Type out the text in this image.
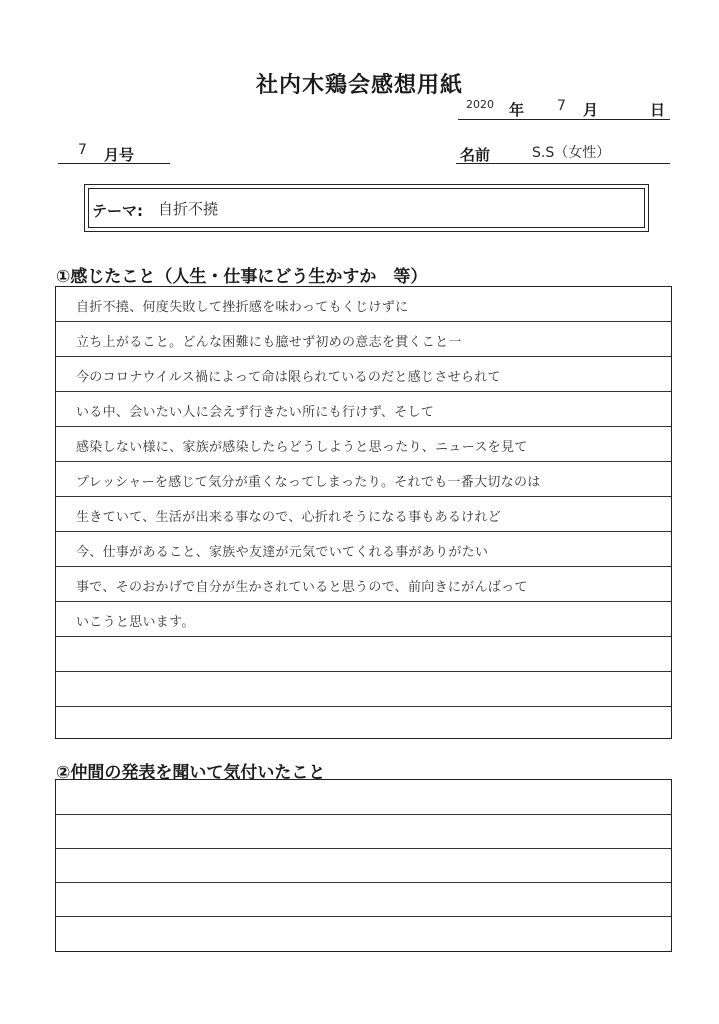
社内木鶏会感想用紙
2020 年 7 月	日
7 月号	名前	S.S（女性）
テーマ: 自折不撓
①感じたこと（人生・仕事にどう生かすか　等）
自折不撓、何度失敗して挫折感を味わってもくじけずに
立ち上がること。どんな困難にも臆せず初めの意志を貫くこと一
今のコロナウイルス禍によって命は限られているのだと感じさせられて
いる中、会いたい人に会えず行きたい所にも行けず、そして
感染しない様に、家族が感染したらどうしようと思ったり、ニュースを見て
プレッシャーを感じて気分が重くなってしまったり。それでも一番大切なのは
生きていて、生活が出来る事なので、心折れそうになる事もあるけれど
今、仕事があること、家族や友達が元気でいてくれる事がありがたい
事で、そのおかげで自分が生かされていると思うので、前向きにがんばって
いこうと思います。
②仲間の発表を聞いて気付いたこと
